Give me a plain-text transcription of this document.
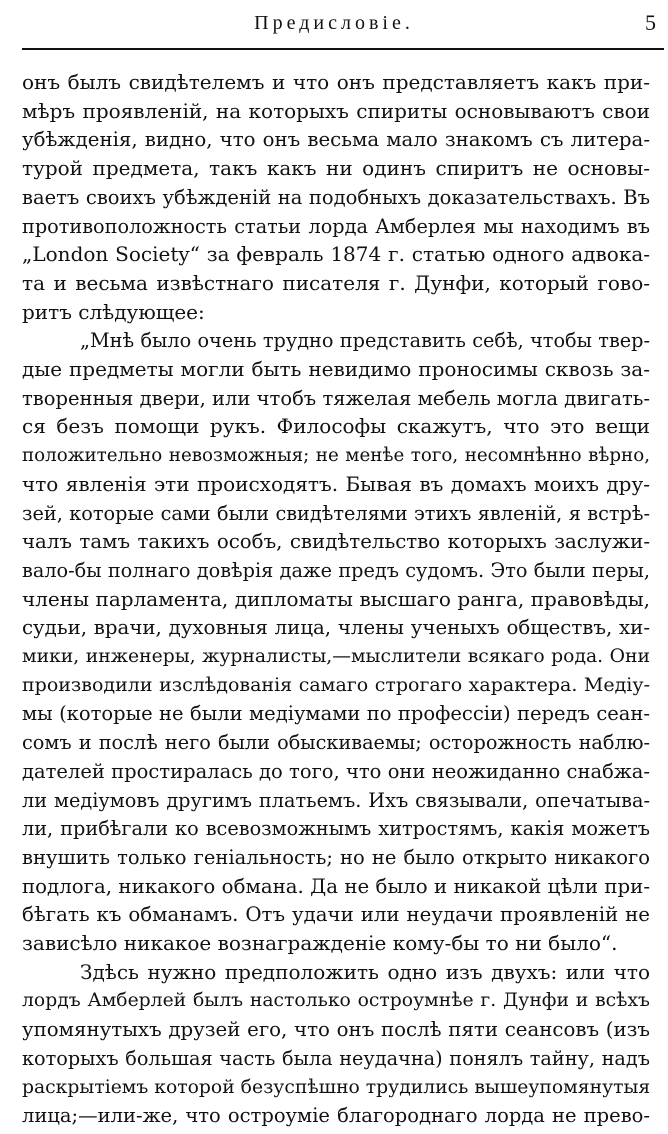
Предисловіе.	5
онъ былъ свидѣтелемъ и что онъ представляетъ какъ при-
мѣръ проявленій, на которыхъ спириты основываютъ свои
убѣжденія, видно, что онъ весьма мало знакомъ съ литера-
турой предмета, такъ какъ ни одинъ спиритъ не основы-
ваетъ своихъ убѣжденій на подобныхъ доказательствахъ. Въ
противоположность статьи лорда Амберлея мы находимъ въ
„London Society“ за февраль 1874 г. статью одного адвока-
та и весьма извѣстнаго писателя г. Дунфи, который гово-
ритъ слѣдующее:
„Мнѣ было очень трудно представить себѣ, чтобы твер-
дые предметы могли быть невидимо проносимы сквозь за-
творенныя двери, или чтобъ тяжелая мебель могла двигать-
ся безъ помощи рукъ. Философы скажутъ, что это вещи
положительно невозможныя; не менѣе того, несомнѣнно вѣрно,
что явленія эти происходятъ. Бывая въ домахъ моихъ дру-
зей, которые сами были свидѣтелями этихъ явленій, я встрѣ-
чалъ тамъ такихъ особъ, свидѣтельство которыхъ заслужи-
вало-бы полнаго довѣрія даже предъ судомъ. Это были перы,
члены парламента, дипломаты высшаго ранга, правовѣды,
судьи, врачи, духовныя лица, члены ученыхъ обществъ, хи-
мики, инженеры, журналисты,—мыслители всякаго рода. Они
производили изслѣдованія самаго строгаго характера. Медіу-
мы (которые не были медіумами по профессіи) передъ сеан-
сомъ и послѣ него были обыскиваемы; осторожность наблю-
дателей простиралась до того, что они неожиданно снабжа-
ли медіумовъ другимъ платьемъ. Ихъ связывали, опечатыва-
ли, прибѣгали ко всевозможнымъ хитростямъ, какія можетъ
внушить только геніальность; но не было открыто никакого
подлога, никакого обмана. Да не было и никакой цѣли при-
бѣгать къ обманамъ. Отъ удачи или неудачи проявленій не
зависѣло никакое вознагражденіе кому-бы то ни было“.
Здѣсь нужно предположить одно изъ двухъ: или что
лордъ Амберлей былъ настолько остроумнѣе г. Дунфи и всѣхъ
упомянутыхъ друзей его, что онъ послѣ пяти сеансовъ (изъ
которыхъ большая часть была неудачна) понялъ тайну, надъ
раскрытіемъ которой безуспѣшно трудились вышеупомянутыя
лица;—или-же, что остроуміе благороднаго лорда не прево-
